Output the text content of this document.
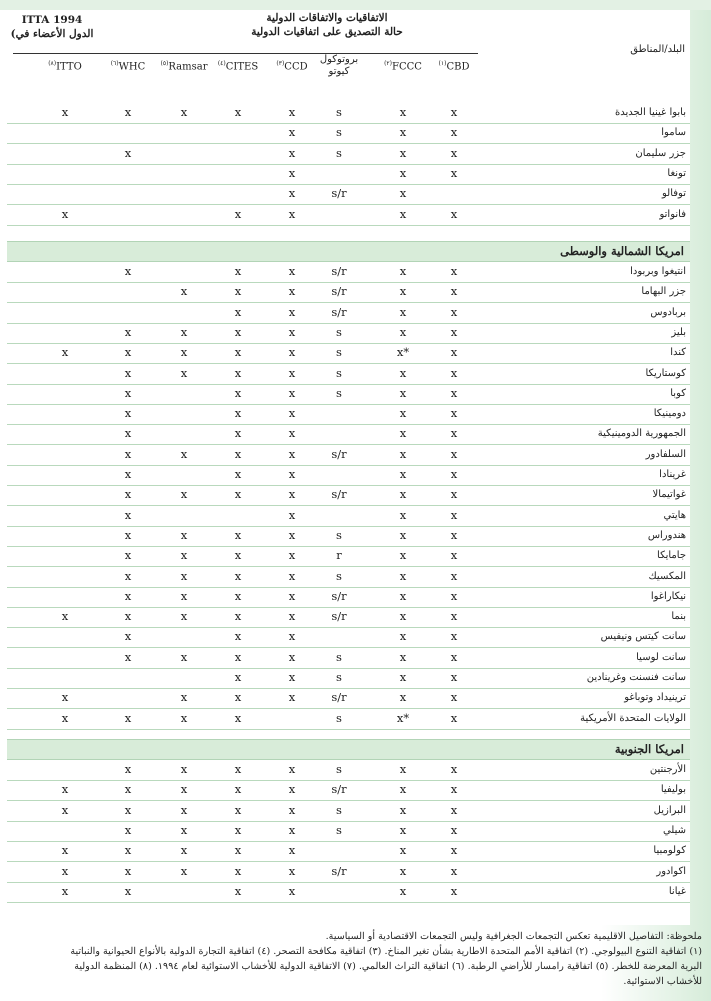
الاتفاقيات والاتفاقات الدولية
حالة التصديق على اتفاقيات الدولية
ITTA 1994
(الدول الأعضاء في
البلد/المناطق
$^{(١)}$CBD
$^{(٢)}$FCCC
بروتوكول
كيوتو
$^{(٣)}$CCD
$^{(٤)}$CITES
$^{(٥)}$Ramsar
$^{(٦)}$WHC
$^{(٨)}$ITTO
بابوا غينيا الجديدة
x
x
s
x
x
x
x
x
ساموا
x
x
s
x
جزر سليمان
x
x
s
x
x
تونغا
x
x
x
توفالو
x
s/r
x
فانواتو
x
x
x
x
x
امريكا الشمالية والوسطى
انتيغوا وبربودا
x
x
s/r
x
x
x
جزر البهاما
x
x
s/r
x
x
x
بربادوس
x
x
s/r
x
x
بليز
x
x
s
x
x
x
x
كندا
x
x*
s
x
x
x
x
x
كوستاريكا
x
x
s
x
x
x
x
كوبا
x
x
s
x
x
x
دومينيكا
x
x
x
x
x
الجمهورية الدومينيكية
x
x
x
x
x
السلفادور
x
x
s/r
x
x
x
x
غرينادا
x
x
x
x
x
غواتيمالا
x
x
s/r
x
x
x
x
هايتي
x
x
x
x
هندوراس
x
x
s
x
x
x
x
جامايكا
x
x
r
x
x
x
x
المكسيك
x
x
s
x
x
x
x
نيكاراغوا
x
x
s/r
x
x
x
x
بنما
x
x
s/r
x
x
x
x
x
سانت كيتس ونيفيس
x
x
x
x
x
سانت لوسيا
x
x
s
x
x
x
x
سانت فنسنت وغرينادين
x
x
s
x
x
ترينيداد وتوباغو
x
x
s/r
x
x
x
x
الولايات المتحدة الأمريكية
x
x*
s
x
x
x
x
امريكا الجنوبية
الأرجنتين
x
x
s
x
x
x
x
بوليفيا
x
x
s/r
x
x
x
x
x
البرازيل
x
x
s
x
x
x
x
x
شيلي
x
x
s
x
x
x
x
كولومبيا
x
x
x
x
x
x
x
اكوادور
x
x
s/r
x
x
x
x
x
غيانا
x
x
x
x
x
x
ملحوظة: التفاصيل الاقليمية تعكس التجمعات الجغرافية وليس التجمعات الاقتصادية أو السياسية.
(١) اتفاقية التنوع البيولوجي. (٢) اتفاقية الأمم المتحدة الاطارية بشأن تغير المناخ. (٣) اتفاقية مكافحة التصحر. (٤) اتفاقية التجارة الدولية بالأنواع الحيوانية والنباتية
البرية المعرضة للخطر. (٥) اتفاقية رامسار للأراضي الرطبة. (٦) اتفاقية التراث العالمي. (٧) الاتفاقية الدولية للأخشاب الاستوائية لعام ١٩٩٤. (٨) المنظمة الدولية
للأخشاب الاستوائية.
